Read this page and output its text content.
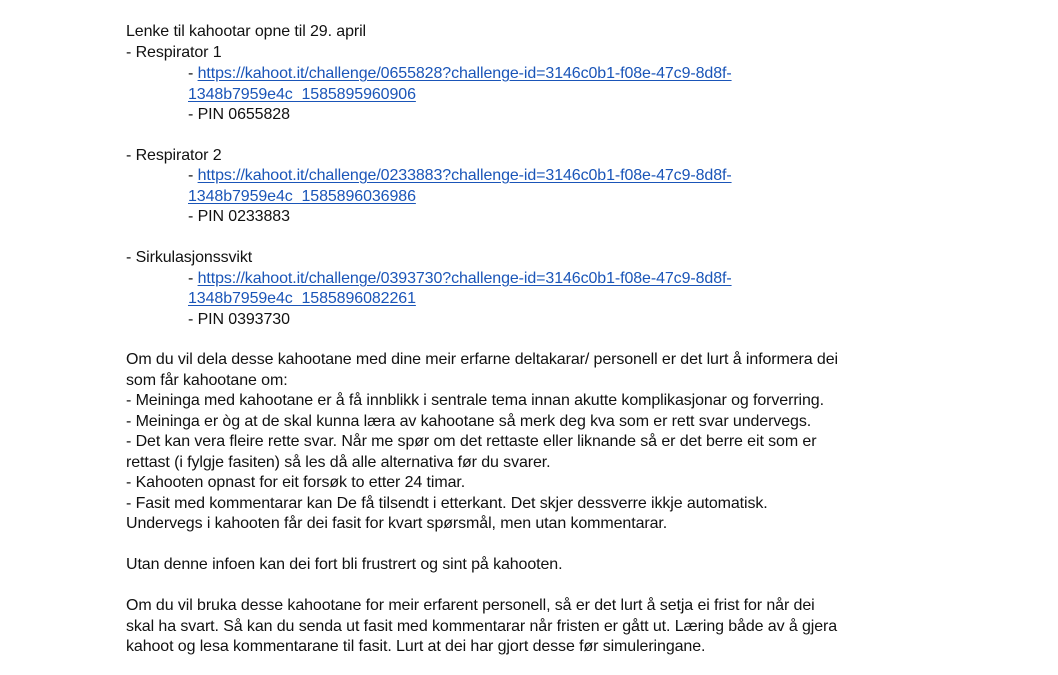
Lenke til kahootar opne til 29. april
- Respirator 1
- https://kahoot.it/challenge/0655828?challenge-id=3146c0b1-f08e-47c9-8d8f-
1348b7959e4c_1585895960906
- PIN 0655828
- Respirator 2
- https://kahoot.it/challenge/0233883?challenge-id=3146c0b1-f08e-47c9-8d8f-
1348b7959e4c_1585896036986
- PIN 0233883
- Sirkulasjonssvikt
- https://kahoot.it/challenge/0393730?challenge-id=3146c0b1-f08e-47c9-8d8f-
1348b7959e4c_1585896082261
- PIN 0393730
Om du vil dela desse kahootane med dine meir erfarne deltakarar/ personell er det lurt å informera dei
som får kahootane om:
- Meininga med kahootane er å få innblikk i sentrale tema innan akutte komplikasjonar og forverring.
- Meininga er òg at de skal kunna læra av kahootane så merk deg kva som er rett svar undervegs.
- Det kan vera fleire rette svar. Når me spør om det rettaste eller liknande så er det berre eit som er
rettast (i fylgje fasiten) så les då alle alternativa før du svarer.
- Kahooten opnast for eit forsøk to etter 24 timar.
- Fasit med kommentarar kan De få tilsendt i etterkant. Det skjer dessverre ikkje automatisk.
Undervegs i kahooten får dei fasit for kvart spørsmål, men utan kommentarar.
Utan denne infoen kan dei fort bli frustrert og sint på kahooten.
Om du vil bruka desse kahootane for meir erfarent personell, så er det lurt å setja ei frist for når dei
skal ha svart. Så kan du senda ut fasit med kommentarar når fristen er gått ut. Læring både av å gjera
kahoot og lesa kommentarane til fasit. Lurt at dei har gjort desse før simuleringane.
